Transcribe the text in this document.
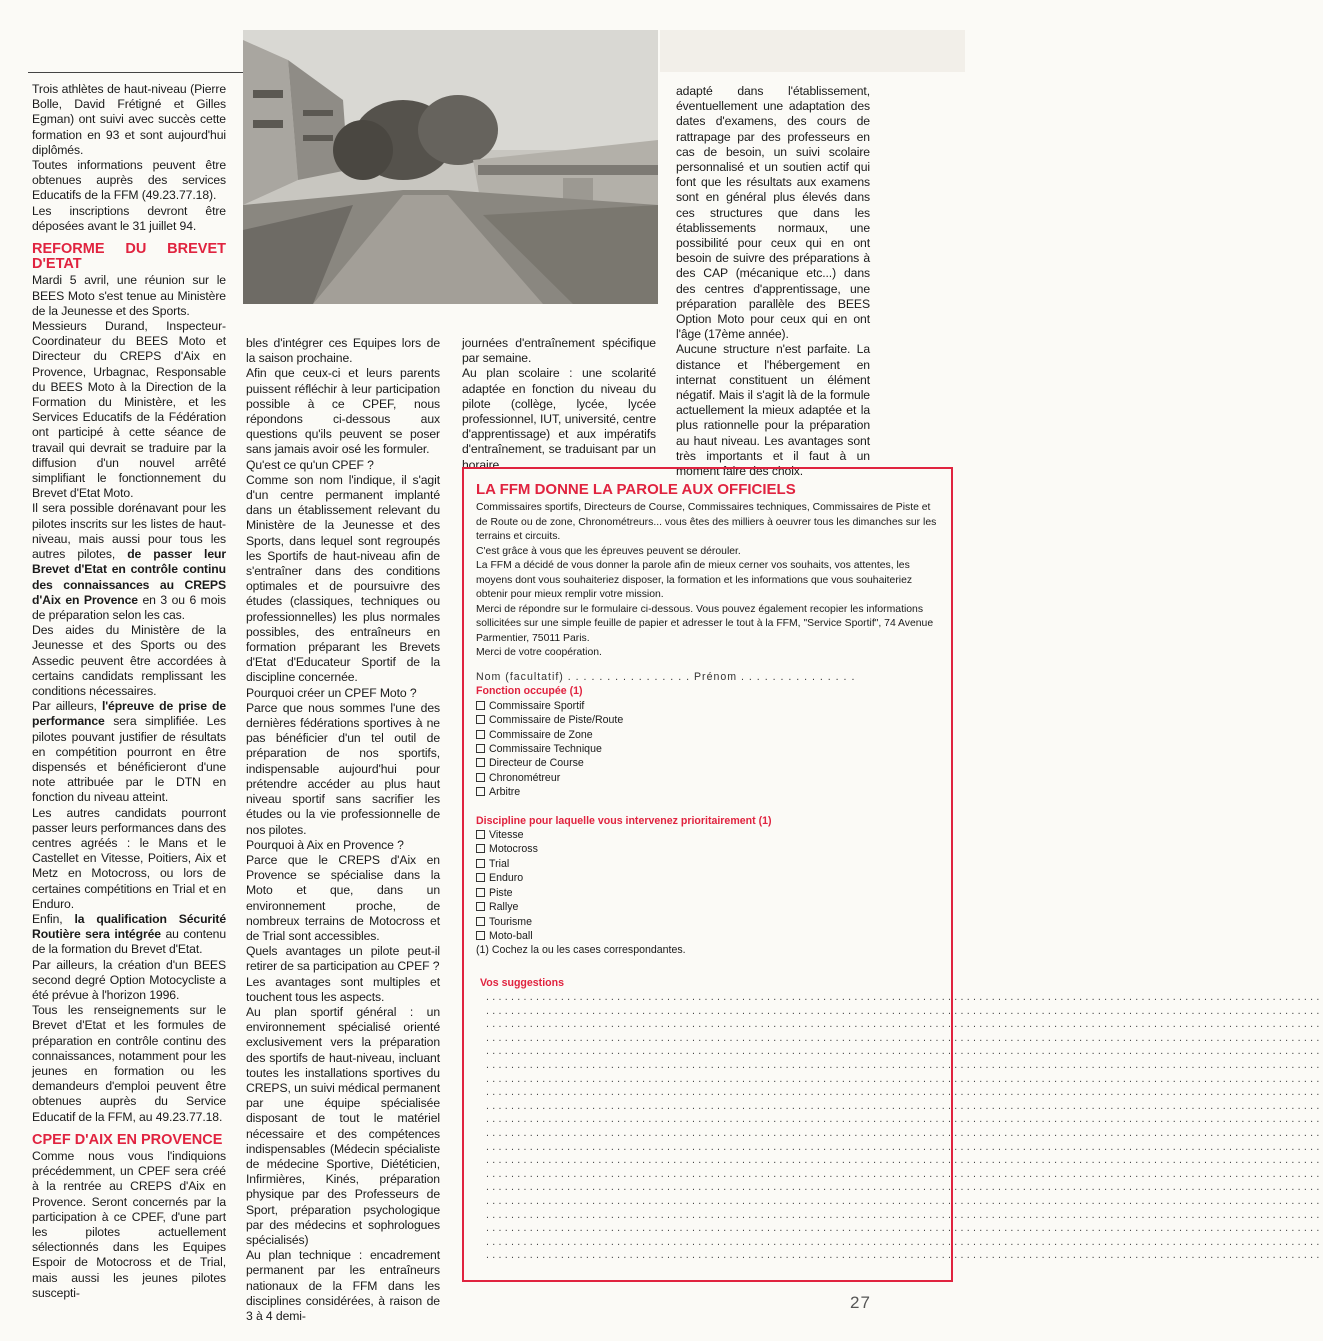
Trois athlètes de haut-niveau (Pierre Bolle, David Frétigné et Gilles Egman) ont suivi avec succès cette formation en 93 et sont aujourd'hui diplômés.

Toutes informations peuvent être obtenues auprès des services Educatifs de la FFM (49.23.77.18).

Les inscriptions devront être déposées avant le 31 juillet 94.

REFORME DU BREVET D'ETAT

Mardi 5 avril, une réunion sur le BEES Moto s'est tenue au Ministère de la Jeunesse et des Sports.

Messieurs Durand, Inspecteur-Coordinateur du BEES Moto et Directeur du CREPS d'Aix en Provence, Urbagnac, Responsable du BEES Moto à la Direction de la Formation du Ministère, et les Services Educatifs de la Fédération ont participé à cette séance de travail qui devrait se traduire par la diffusion d'un nouvel arrêté simplifiant le fonctionnement du Brevet d'Etat Moto.

Il sera possible dorénavant pour les pilotes inscrits sur les listes de haut-niveau, mais aussi pour tous les autres pilotes, de passer leur Brevet d'Etat en contrôle continu des connaissances au CREPS d'Aix en Provence en 3 ou 6 mois de préparation selon les cas.

Des aides du Ministère de la Jeunesse et des Sports ou des Assedic peuvent être accordées à certains candidats remplissant les conditions nécessaires.

Par ailleurs, l'épreuve de prise de performance sera simplifiée. Les pilotes pouvant justifier de résultats en compétition pourront en être dispensés et bénéficieront d'une note attribuée par le DTN en fonction du niveau atteint.

Les autres candidats pourront passer leurs performances dans des centres agréés : le Mans et le Castellet en Vitesse, Poitiers, Aix et Metz en Motocross, ou lors de certaines compétitions en Trial et en Enduro.

Enfin, la qualification Sécurité Routière sera intégrée au contenu de la formation du Brevet d'Etat.

Par ailleurs, la création d'un BEES second degré Option Motocycliste a été prévue à l'horizon 1996.

Tous les renseignements sur le Brevet d'Etat et les formules de préparation en contrôle continu des connaissances, notamment pour les jeunes en formation ou les demandeurs d'emploi peuvent être obtenues auprès du Service Educatif de la FFM, au 49.23.77.18.

CPEF D'AIX EN PROVENCE

Comme nous vous l'indiquions précédemment, un CPEF sera créé à la rentrée au CREPS d'Aix en Provence. Seront concernés par la participation à ce CPEF, d'une part les pilotes actuellement sélectionnés dans les Equipes Espoir de Motocross et de Trial, mais aussi les jeunes pilotes suscepti-

bles d'intégrer ces Equipes lors de la saison prochaine.

Afin que ceux-ci et leurs parents puissent réfléchir à leur participation possible à ce CPEF, nous répondons ci-dessous aux questions qu'ils peuvent se poser sans jamais avoir osé les formuler.

Qu'est ce qu'un CPEF ?

Comme son nom l'indique, il s'agit d'un centre permanent implanté dans un établissement relevant du Ministère de la Jeunesse et des Sports, dans lequel sont regroupés les Sportifs de haut-niveau afin de s'entraîner dans des conditions optimales et de poursuivre des études (classiques, techniques ou professionnelles) les plus normales possibles, des entraîneurs en formation préparant les Brevets d'Etat d'Educateur Sportif de la discipline concernée.

Pourquoi créer un CPEF Moto ?

Parce que nous sommes l'une des dernières fédérations sportives à ne pas bénéficier d'un tel outil de préparation de nos sportifs, indispensable aujourd'hui pour prétendre accéder au plus haut niveau sportif sans sacrifier les études ou la vie professionnelle de nos pilotes.

Pourquoi à Aix en Provence ?

Parce que le CREPS d'Aix en Provence se spécialise dans la Moto et que, dans un environnement proche, de nombreux terrains de Motocross et de Trial sont accessibles.

Quels avantages un pilote peut-il retirer de sa participation au CPEF ?

Les avantages sont multiples et touchent tous les aspects.

Au plan sportif général : un environnement spécialisé orienté exclusivement vers la préparation des sportifs de haut-niveau, incluant toutes les installations sportives du CREPS, un suivi médical permanent par une équipe spécialisée disposant de tout le matériel nécessaire et des compétences indispensables (Médecin spécialiste de médecine Sportive, Diététicien, Infirmières, Kinés, préparation physique par des Professeurs de Sport, préparation psychologique par des médecins et sophrologues spécialisés)

Au plan technique : encadrement permanent par les entraîneurs nationaux de la FFM dans les disciplines considérées, à raison de 3 à 4 demi-

journées d'entraînement spécifique par semaine.

Au plan scolaire : une scolarité adaptée en fonction du niveau du pilote (collège, lycée, lycée professionnel, IUT, université, centre d'apprentissage) et aux impératifs d'entraînement, se traduisant par un horaire

adapté dans l'établissement, éventuellement une adaptation des dates d'examens, des cours de rattrapage par des professeurs en cas de besoin, un suivi scolaire personnalisé et un soutien actif qui font que les résultats aux examens sont en général plus élevés dans ces structures que dans les établissements normaux, une possibilité pour ceux qui en ont besoin de suivre des préparations à des CAP (mécanique etc...) dans des centres d'apprentissage, une préparation parallèle des BEES Option Moto pour ceux qui en ont l'âge (17ème année).

Aucune structure n'est parfaite. La distance et l'hébergement en internat constituent un élément négatif. Mais il s'agit là de la formule actuellement la mieux adaptée et la plus rationnelle pour la préparation au haut niveau. Les avantages sont très importants et il faut à un moment faire des choix.

LA FFM DONNE LA PAROLE AUX OFFICIELS

Commissaires sportifs, Directeurs de Course, Commissaires techniques, Commissaires de Piste et de Route ou de zone, Chronométreurs... vous êtes des milliers à oeuvrer tous les dimanches sur les terrains et circuits.

C'est grâce à vous que les épreuves peuvent se dérouler.

La FFM a décidé de vous donner la parole afin de mieux cerner vos souhaits, vos attentes, les moyens dont vous souhaiteriez disposer, la formation et les informations que vous souhaiteriez obtenir pour mieux remplir votre mission.

Merci de répondre sur le formulaire ci-dessous. Vous pouvez également recopier les informations sollicitées sur une simple feuille de papier et adresser le tout à la FFM, "Service Sportif", 74 Avenue Parmentier, 75011 Paris.

Merci de votre coopération.

Nom (facultatif) . . . . . . . . . . . . . . . . Prénom . . . . . . . . . . . . . . .
Fonction occupée (1)
Commissaire Sportif
Commissaire de Piste/Route
Commissaire de Zone
Commissaire Technique
Directeur de Course
Chronométreur
Arbitre
Discipline pour laquelle vous intervenez prioritairement (1)
Vitesse
Motocross
Trial
Enduro
Piste
Rallye
Tourisme
Moto-ball
(1) Cochez la ou les cases correspondantes.
Vos suggestions
......................................................................................................................................
......................................................................................................................................
......................................................................................................................................
......................................................................................................................................
......................................................................................................................................
......................................................................................................................................
......................................................................................................................................
......................................................................................................................................
......................................................................................................................................
......................................................................................................................................
......................................................................................................................................
......................................................................................................................................
......................................................................................................................................
......................................................................................................................................
......................................................................................................................................
......................................................................................................................................
......................................................................................................................................
......................................................................................................................................
......................................................................................................................................
......................................................................................................................................
27
